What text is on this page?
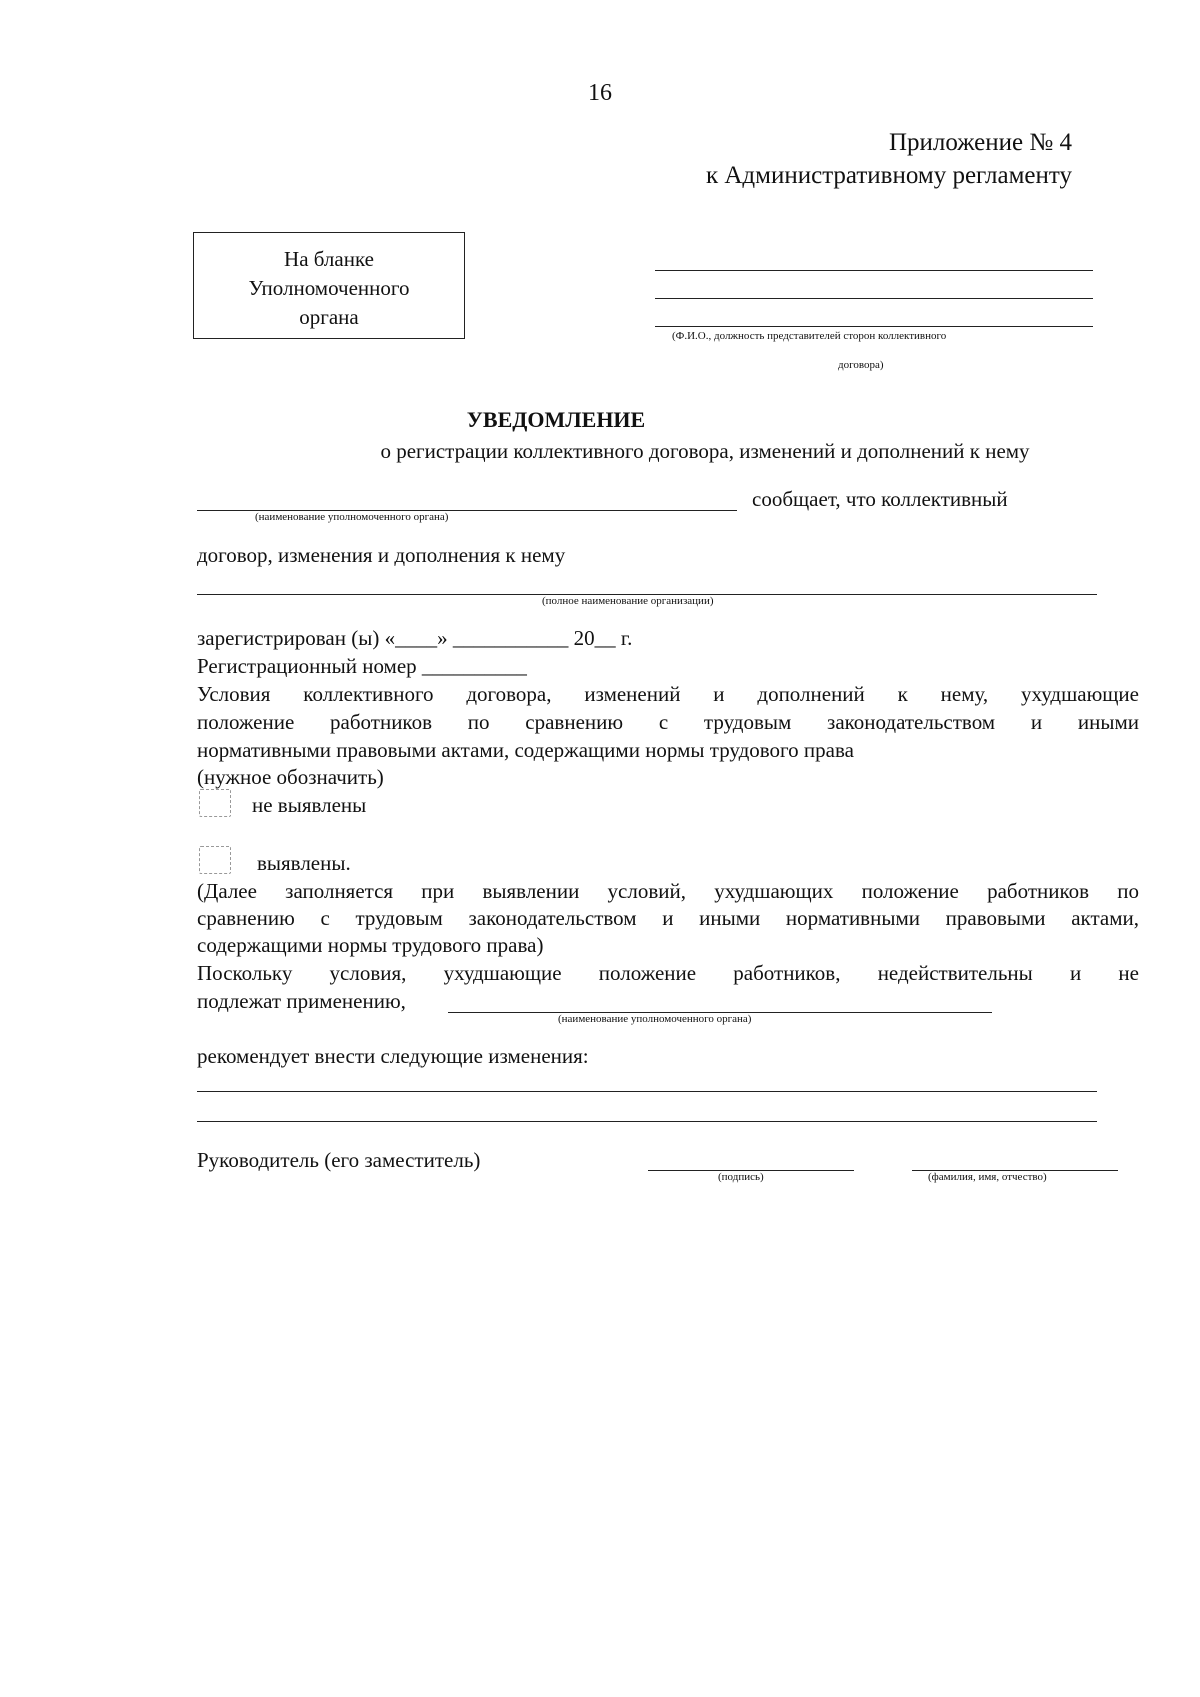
16
Приложение № 4
к Административному регламенту
На бланке
Уполномоченного
органа
(Ф.И.О., должность представителей сторон коллективного
договора)
УВЕДОМЛЕНИЕ
о регистрации коллективного договора, изменений и дополнений к нему
сообщает, что коллективный
(наименование уполномоченного органа)
договор, изменения и дополнения к нему
(полное наименование организации)
зарегистрирован (ы) «____» ___________ 20__ г.
Регистрационный номер __________
Условия коллективного договора, изменений и дополнений к нему, ухудшающие
положение работников по сравнению с трудовым законодательством и иными
нормативными правовыми актами, содержащими нормы трудового права
(нужное обозначить)
не выявлены
выявлены.
(Далее заполняется при выявлении условий, ухудшающих положение работников по
сравнению с трудовым законодательством и иными нормативными правовыми актами,
содержащими нормы трудового права)
Поскольку условия, ухудшающие положение работников, недействительны и не
подлежат применению,
(наименование уполномоченного органа)
рекомендует внести следующие изменения:
Руководитель (его заместитель)
(подпись)	(фамилия, имя, отчество)
